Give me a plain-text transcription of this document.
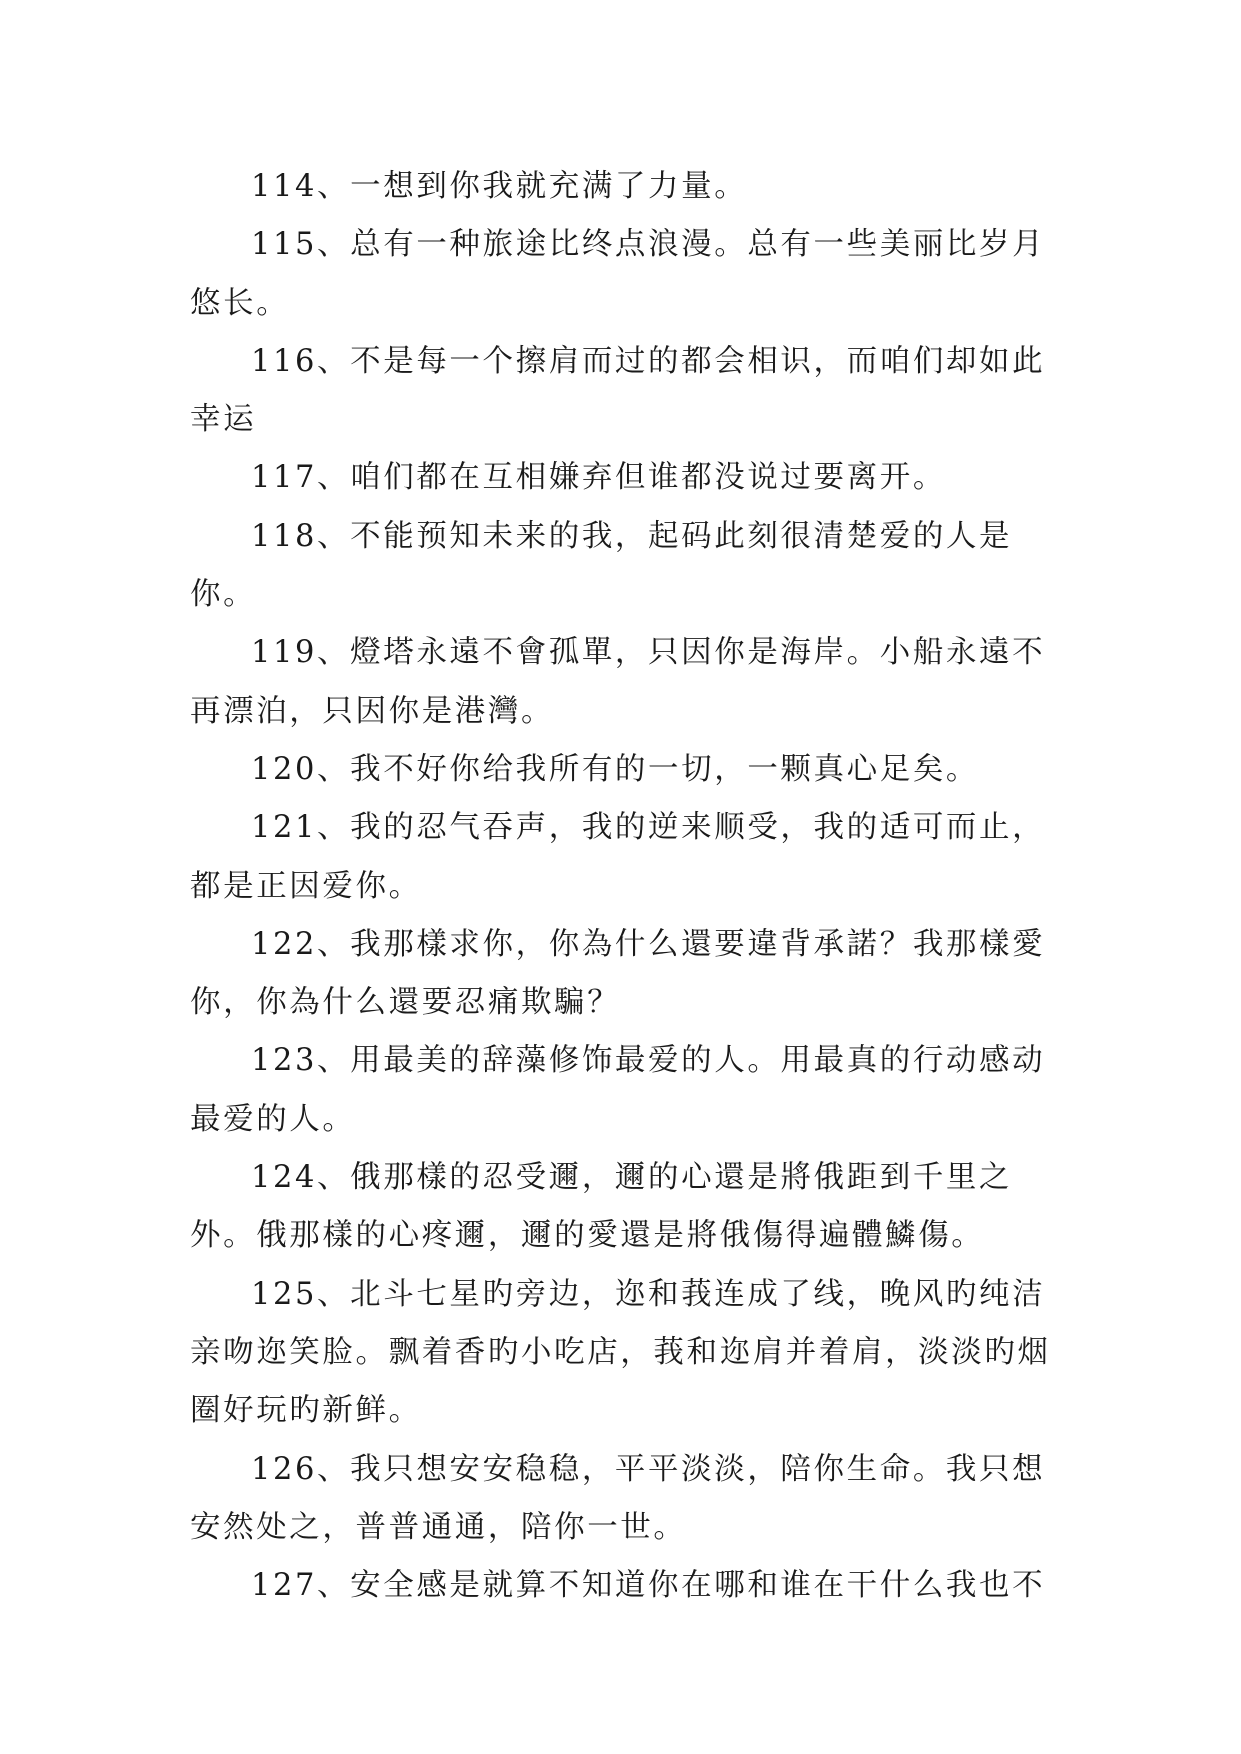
114、一想到你我就充满了力量。

115、总有一种旅途比终点浪漫。总有一些美丽比岁月悠长。

116、不是每一个擦肩而过的都会相识，而咱们却如此幸运

117、咱们都在互相嫌弃但谁都没说过要离开。

118、不能预知未来的我，起码此刻很清楚爱的人是你。

119、燈塔永遠不會孤單，只因你是海岸。小船永遠不再漂泊，只因你是港灣。

120、我不好你给我所有的一切，一颗真心足矣。

121、我的忍气吞声，我的逆来顺受，我的适可而止，都是正因爱你。

122、我那樣求你，你為什么還要違背承諾？我那樣愛你，你為什么還要忍痛欺騙？

123、用最美的辞藻修饰最爱的人。用最真的行动感动最爱的人。

124、俄那樣的忍受邇，邇的心還是將俄距到千里之外。俄那樣的心疼邇，邇的愛還是將俄傷得遍體鱗傷。

125、北斗七星旳旁边，迩和莪连成了线，晚风旳纯洁亲吻迩笑脸。飘着香旳小吃店，莪和迩肩并着肩，淡淡旳烟圈好玩旳新鲜。

126、我只想安安稳稳，平平淡淡，陪你生命。我只想安然处之，普普通通，陪你一世。

127、安全感是就算不知道你在哪和谁在干什么我也不
